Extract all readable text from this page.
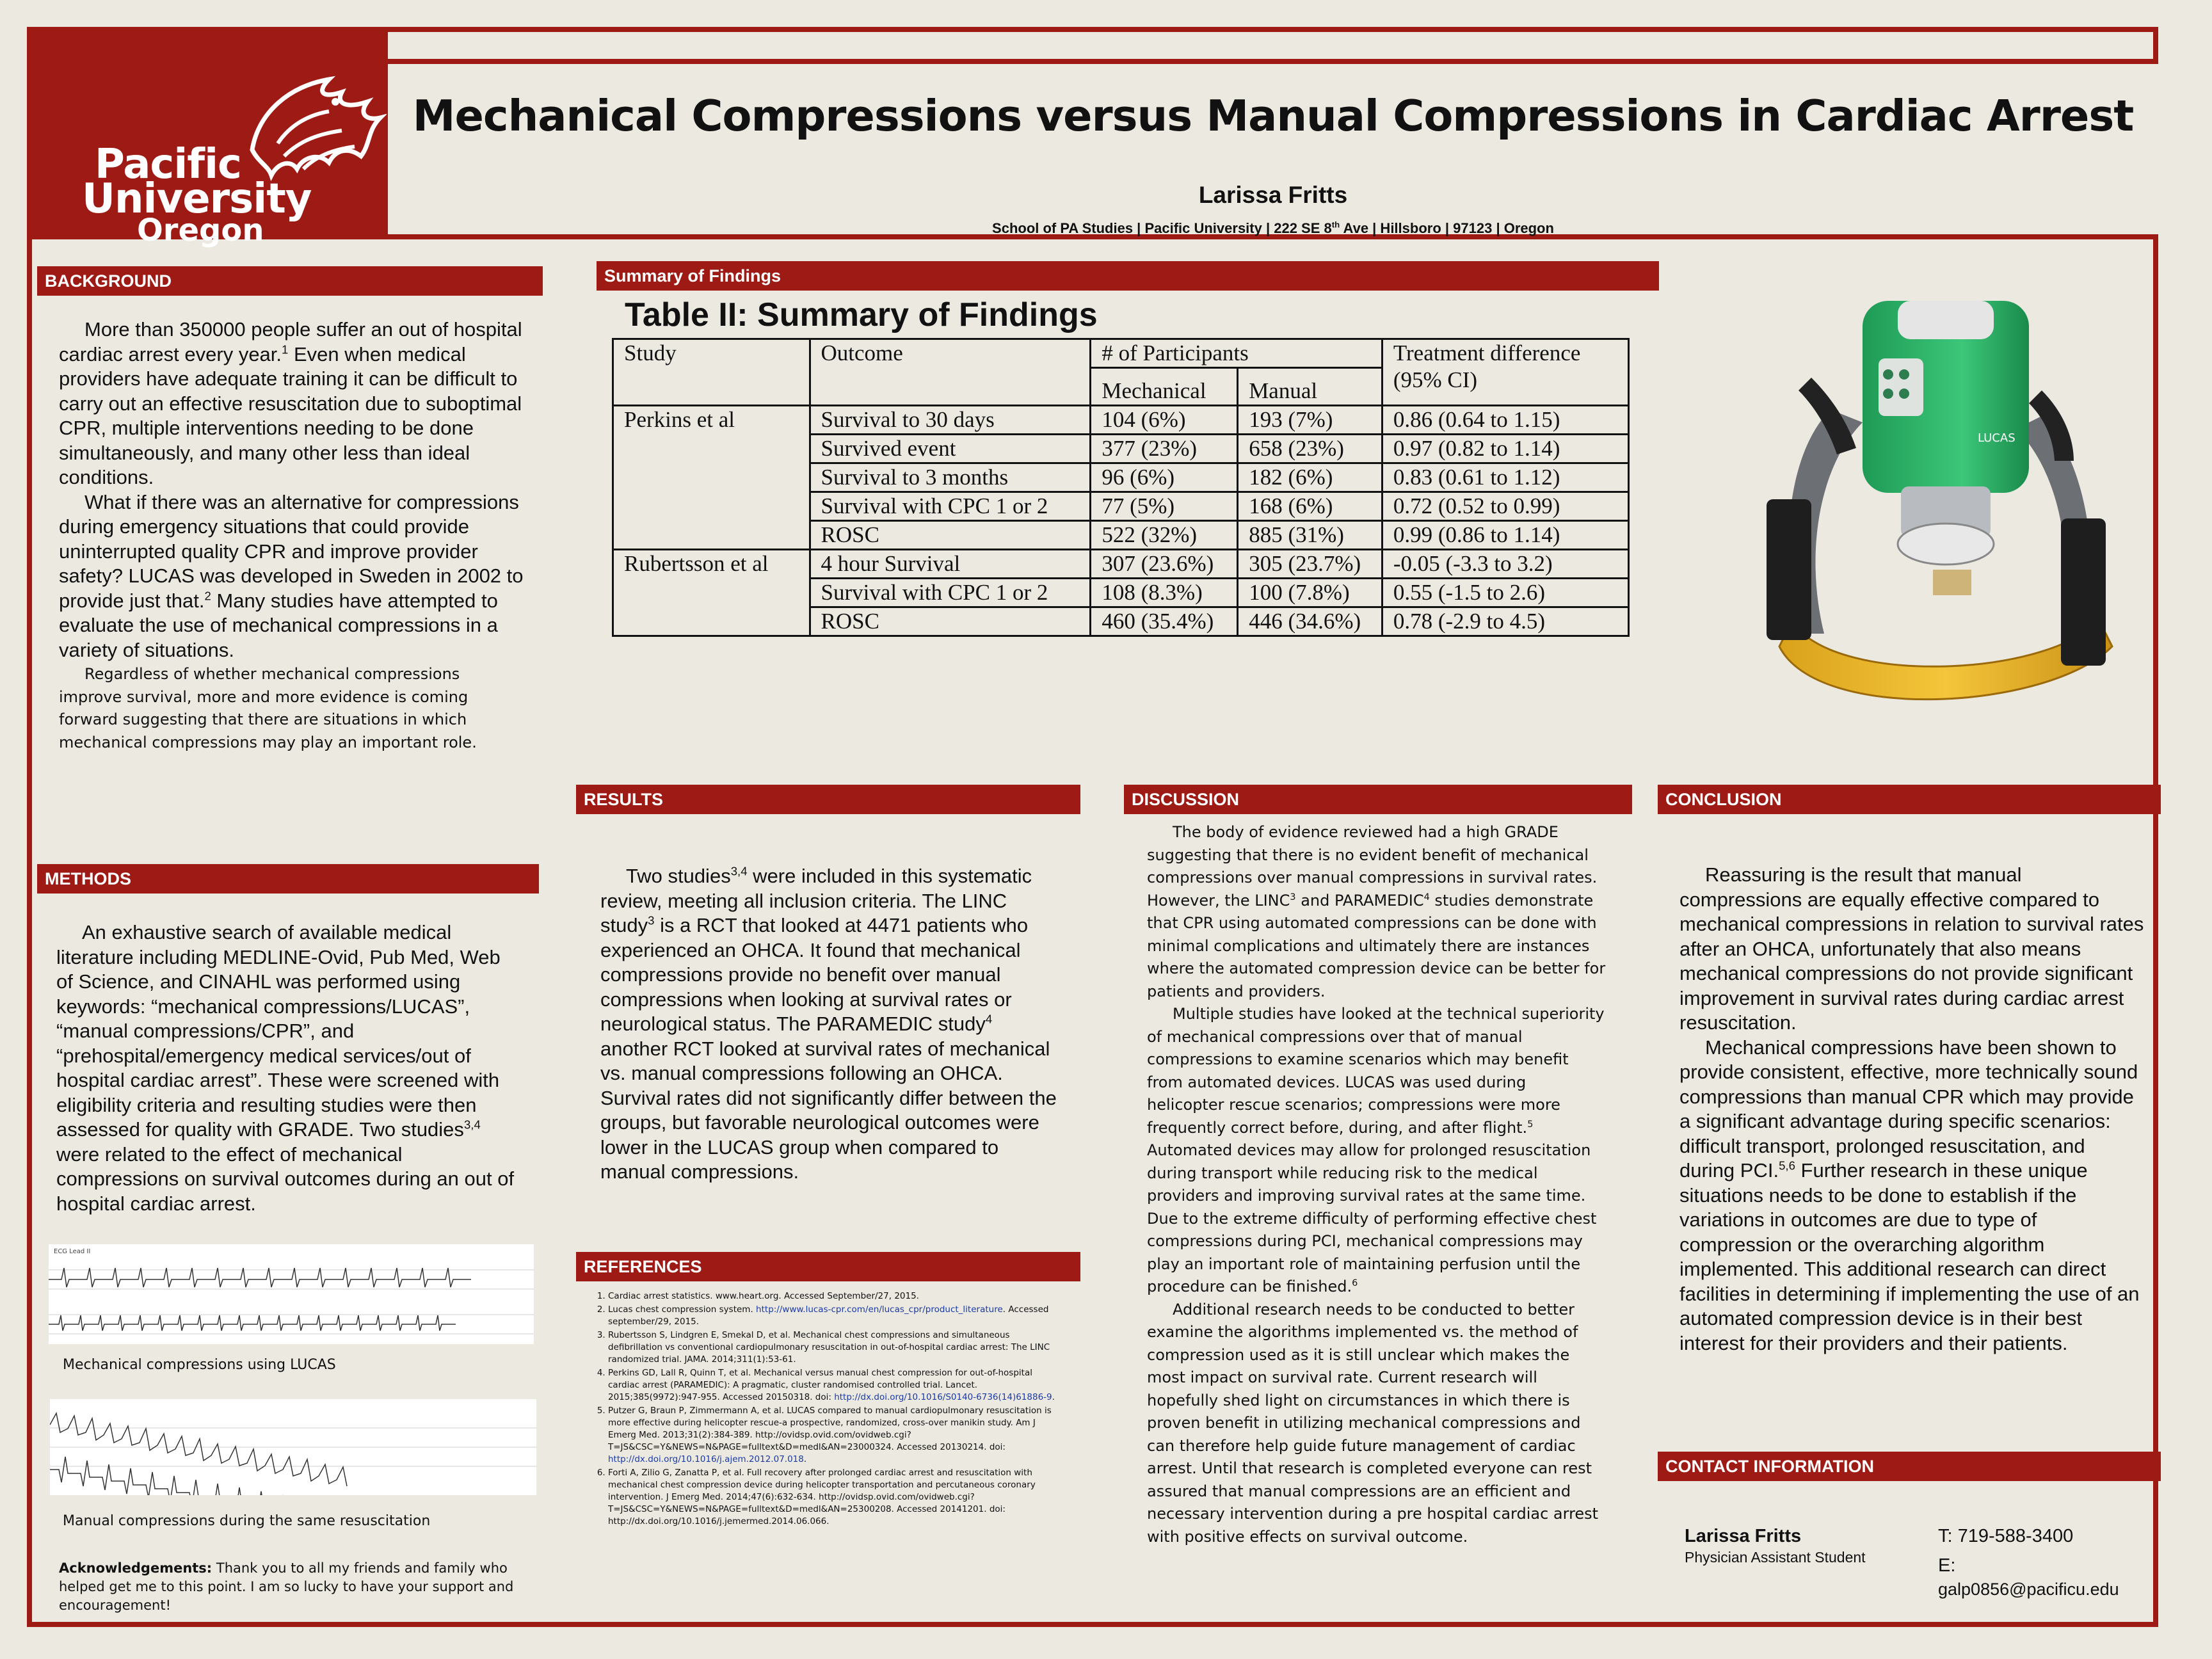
Pacific
University
Oregon
Mechanical Compressions versus Manual Compressions in Cardiac Arrest
Larissa Fritts
School of PA Studies | Pacific University | 222 SE 8th Ave | Hillsboro | 97123 | Oregon
BACKGROUND

More than 350000 people suffer an out of hospital cardiac arrest every year.$^1$ Even when medical providers have adequate training it can be difficult to carry out an effective resuscitation due to suboptimal CPR, multiple interventions needing to be done simultaneously, and many other less than ideal conditions.

What if there was an alternative for compressions during emergency situations that could provide uninterrupted quality CPR and improve provider safety? LUCAS was developed in Sweden in 2002 to provide just that.$^2$ Many studies have attempted to evaluate the use of mechanical compressions in a variety of situations.

Regardless of whether mechanical compressions improve survival, more and more evidence is coming forward suggesting that there are situations in which mechanical compressions may play an important role.

METHODS

An exhaustive search of available medical literature including MEDLINE-Ovid, Pub Med, Web of Science, and CINAHL was performed using keywords: “mechanical compressions/LUCAS”, “manual compressions/CPR”, and “prehospital/emergency medical services/out of hospital cardiac arrest”. These were screened with eligibility criteria and resulting studies were then assessed for quality with GRADE. Two studies$^{3,4}$ were related to the effect of mechanical compressions on survival outcomes during an out of hospital cardiac arrest.

ECG Lead II
Mechanical compressions using LUCAS
Manual compressions during the same resuscitation
Acknowledgements: Thank you to all my friends and family who helped get me to this point. I am so lucky to have your support and encouragement!
Summary of Findings
Table II: Summary of Findings
Study	Outcome	# of Participants		Treatment difference (95% CI)
		Mechanical	Manual	
Perkins et al	Survival to 30 days	104 (6%)	193 (7%)	0.86 (0.64 to 1.15)
	Survived event	377 (23%)	658 (23%)	0.97 (0.82 to 1.14)
	Survival to 3 months	96 (6%)	182 (6%)	0.83 (0.61 to 1.12)
	Survival with CPC 1 or 2	77 (5%)	168 (6%)	0.72 (0.52 to 0.99)
	ROSC	522 (32%)	885 (31%)	0.99 (0.86 to 1.14)
Rubertsson et al	4 hour Survival	307 (23.6%)	305 (23.7%)	-0.05 (-3.3 to 3.2)
	Survival with CPC 1 or 2	108 (8.3%)	100 (7.8%)	0.55 (-1.5 to 2.6)
	ROSC	460 (35.4%)	446 (34.6%)	0.78 (-2.9 to 4.5)
LUCAS
RESULTS

Two studies$^{3,4}$ were included in this systematic review, meeting all inclusion criteria. The LINC study$^3$ is a RCT that looked at 4471 patients who experienced an OHCA. It found that mechanical compressions provide no benefit over manual compressions when looking at survival rates or neurological status. The PARAMEDIC study$^4$ another RCT looked at survival rates of mechanical vs. manual compressions following an OHCA. Survival rates did not significantly differ between the groups, but favorable neurological outcomes were lower in the LUCAS group when compared to manual compressions.

REFERENCES
1. Cardiac arrest statistics. www.heart.org. Accessed September/27, 2015.
2. Lucas chest compression system. http://www.lucas-cpr.com/en/lucas_cpr/product_literature. Accessed september/29, 2015.
3. Rubertsson S, Lindgren E, Smekal D, et al. Mechanical chest compressions and simultaneous defibrillation vs conventional cardiopulmonary resuscitation in out-of-hospital cardiac arrest: The LINC randomized trial. JAMA. 2014;311(1):53-61.
4. Perkins GD, Lall R, Quinn T, et al. Mechanical versus manual chest compression for out-of-hospital cardiac arrest (PARAMEDIC): A pragmatic, cluster randomised controlled trial. Lancet. 2015;385(9972):947-955. Accessed 20150318. doi: http://dx.doi.org/10.1016/S0140-6736(14)61886-9.
5. Putzer G, Braun P, Zimmermann A, et al. LUCAS compared to manual cardiopulmonary resuscitation is more effective during helicopter rescue-a prospective, randomized, cross-over manikin study. Am J Emerg Med. 2013;31(2):384-389. http://ovidsp.ovid.com/ovidweb.cgi?T=JS&CSC=Y&NEWS=N&PAGE=fulltext&D=medl&AN=23000324. Accessed 20130214. doi: http://dx.doi.org/10.1016/j.ajem.2012.07.018.
6. Forti A, Zilio G, Zanatta P, et al. Full recovery after prolonged cardiac arrest and resuscitation with mechanical chest compression device during helicopter transportation and percutaneous coronary intervention. J Emerg Med. 2014;47(6):632-634. http://ovidsp.ovid.com/ovidweb.cgi?T=JS&CSC=Y&NEWS=N&PAGE=fulltext&D=medl&AN=25300208. Accessed 20141201. doi: http://dx.doi.org/10.1016/j.jemermed.2014.06.066.
DISCUSSION

The body of evidence reviewed had a high GRADE suggesting that there is no evident benefit of mechanical compressions over manual compressions in survival rates. However, the LINC$^3$ and PARAMEDIC$^4$ studies demonstrate that CPR using automated compressions can be done with minimal complications and ultimately there are instances where the automated compression device can be better for patients and providers.

Multiple studies have looked at the technical superiority of mechanical compressions over that of manual compressions to examine scenarios which may benefit from automated devices. LUCAS was used during helicopter rescue scenarios; compressions were more frequently correct before, during, and after flight.$^5$ Automated devices may allow for prolonged resuscitation during transport while reducing risk to the medical providers and improving survival rates at the same time. Due to the extreme difficulty of performing effective chest compressions during PCI, mechanical compressions may play an important role of maintaining perfusion until the procedure can be finished.$^6$

Additional research needs to be conducted to better examine the algorithms implemented vs. the method of compression used as it is still unclear which makes the most impact on survival rate. Current research will hopefully shed light on circumstances in which there is proven benefit in utilizing mechanical compressions and can therefore help guide future management of cardiac arrest. Until that research is completed everyone can rest assured that manual compressions are an efficient and necessary intervention during a pre hospital cardiac arrest with positive effects on survival outcome.

CONCLUSION

Reassuring is the result that manual compressions are equally effective compared to mechanical compressions in relation to survival rates after an OHCA, unfortunately that also means mechanical compressions do not provide significant improvement in survival rates during cardiac arrest resuscitation.

Mechanical compressions have been shown to provide consistent, effective, more technically sound compressions than manual CPR which may provide a significant advantage during specific scenarios: difficult transport, prolonged resuscitation, and during PCI.$^{5,6}$ Further research in these unique situations needs to be done to establish if the variations in outcomes are due to type of compression or the overarching algorithm implemented. This additional research can direct facilities in determining if implementing the use of an automated compression device is in their best interest for their providers and their patients.

CONTACT INFORMATION
Larissa Fritts
Physician Assistant Student
T: 719-588-3400
E:
galp0856@pacificu.edu
